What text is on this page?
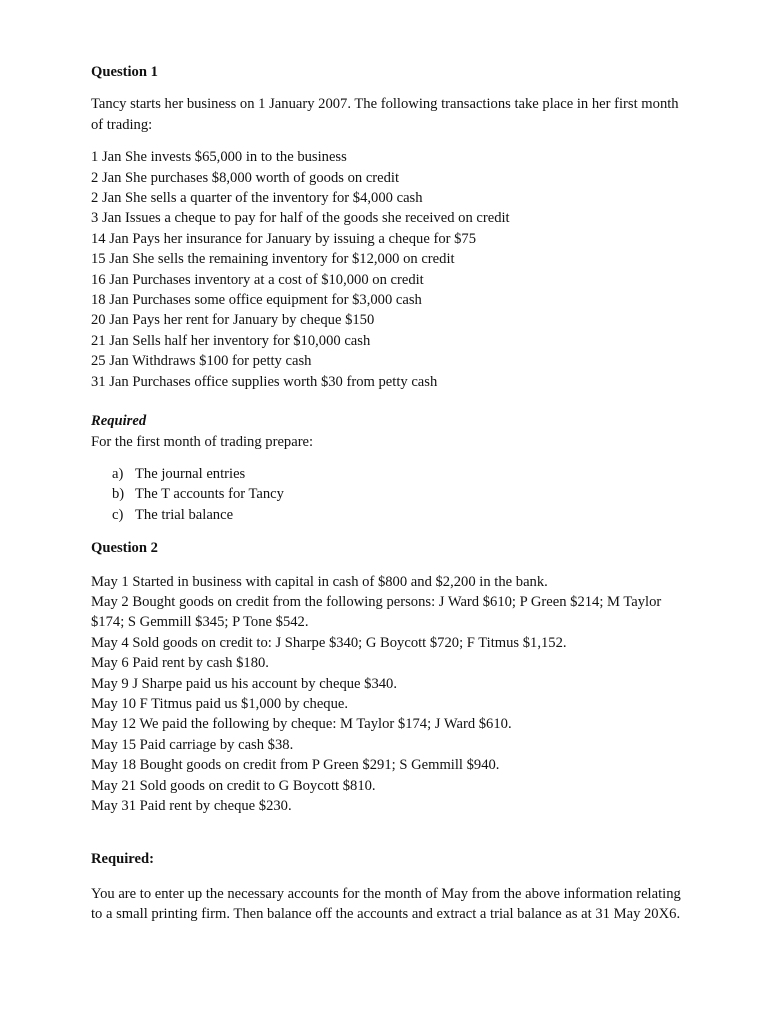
Question 1

Tancy starts her business on 1 January 2007. The following transactions take place in her first month of trading:

1 Jan She invests $65,000 in to the business
2 Jan She purchases $8,000 worth of goods on credit
2 Jan She sells a quarter of the inventory for $4,000 cash
3 Jan Issues a cheque to pay for half of the goods she received on credit
14 Jan Pays her insurance for January by issuing a cheque for $75
15 Jan She sells the remaining inventory for $12,000 on credit
16 Jan Purchases inventory at a cost of $10,000 on credit
18 Jan Purchases some office equipment for $3,000 cash
20 Jan Pays her rent for January by cheque $150
21 Jan Sells half her inventory for $10,000 cash
25 Jan Withdraws $100 for petty cash
31 Jan Purchases office supplies worth $30 from petty cash

Required

For the first month of trading prepare:

a) The journal entries
b) The T accounts for Tancy
c) The trial balance

Question 2

May 1 Started in business with capital in cash of $800 and $2,200 in the bank.
May 2 Bought goods on credit from the following persons: J Ward $610; P Green $214; M Taylor $174; S Gemmill $345; P Tone $542.
May 4 Sold goods on credit to: J Sharpe $340; G Boycott $720; F Titmus $1,152.
May 6 Paid rent by cash $180.
May 9 J Sharpe paid us his account by cheque $340.
May 10 F Titmus paid us $1,000 by cheque.
May 12 We paid the following by cheque: M Taylor $174; J Ward $610.
May 15 Paid carriage by cash $38.
May 18 Bought goods on credit from P Green $291; S Gemmill $940.
May 21 Sold goods on credit to G Boycott $810.
May 31 Paid rent by cheque $230.

Required:

You are to enter up the necessary accounts for the month of May from the above information relating to a small printing firm. Then balance off the accounts and extract a trial balance as at 31 May 20X6.
